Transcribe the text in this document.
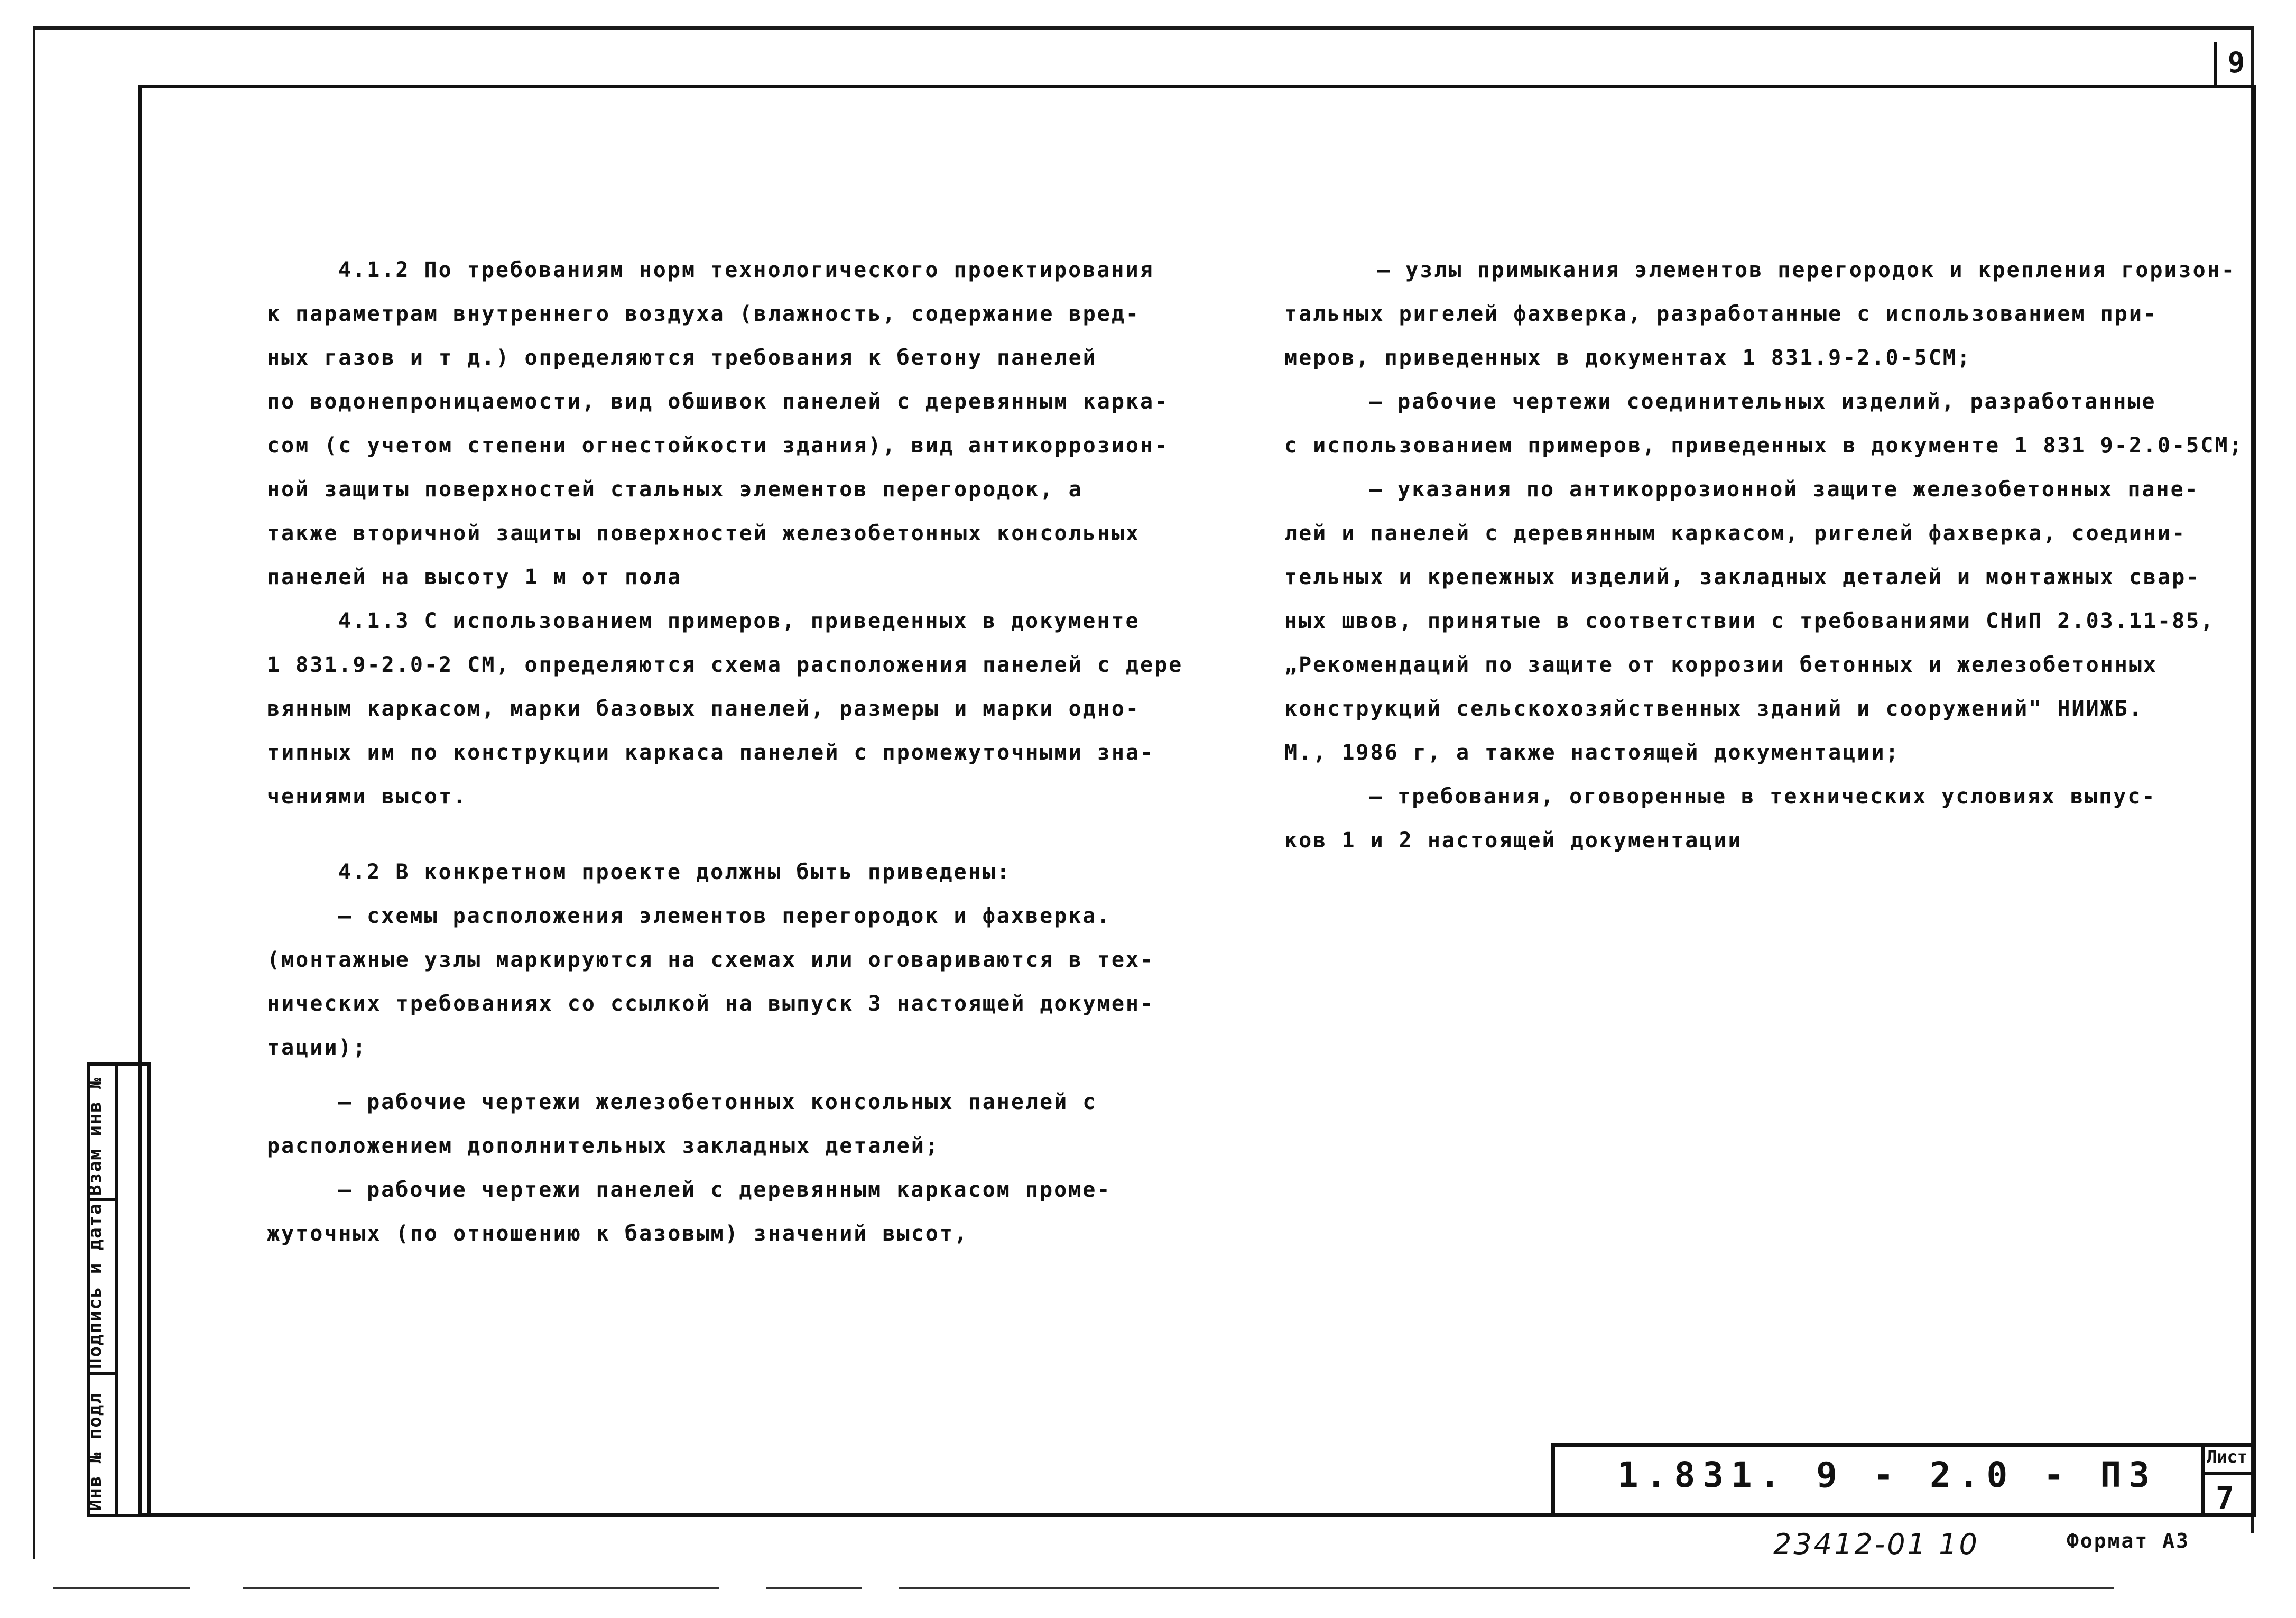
9
Взам инв №
Подпись и дата
Инв № подл
4.1.2 По требованиям норм технологического проектирования
к параметрам внутреннего воздуха (влажность, содержание вред-
ных газов и т д.) определяются требования к бетону панелей
по водонепроницаемости, вид обшивок панелей с деревянным карка-
сом (с учетом степени огнестойкости здания), вид антикоррозион-
ной защиты поверхностей стальных элементов перегородок, а
также вторичной защиты поверхностей железобетонных консольных
панелей на высоту 1 м от пола
4.1.3 С использованием примеров, приведенных в документе
1 831.9-2.0-2 СМ, определяются схема расположения панелей с дере
вянным каркасом, марки базовых панелей, размеры и марки одно-
типных им по конструкции каркаса панелей с промежуточными зна-
чениями высот.
4.2 В конкретном проекте должны быть приведены:
— схемы расположения элементов перегородок и фахверка.
(монтажные узлы маркируются на схемах или оговариваются в тех-
нических требованиях со ссылкой на выпуск 3 настоящей докумен-
тации);
— рабочие чертежи железобетонных консольных панелей с
расположением дополнительных закладных деталей;
— рабочие чертежи панелей с деревянным каркасом проме-
жуточных (по отношению к базовым) значений высот,
— узлы примыкания элементов перегородок и крепления горизон-
тальных ригелей фахверка, разработанные с использованием при-
меров, приведенных в документах 1 831.9-2.0-5СМ;
— рабочие чертежи соединительных изделий, разработанные
с использованием примеров, приведенных в документе 1 831 9-2.0-5СМ;
— указания по антикоррозионной защите железобетонных пане-
лей и панелей с деревянным каркасом, ригелей фахверка, соедини-
тельных и крепежных изделий, закладных деталей и монтажных свар-
ных швов, принятые в соответствии с требованиями СНиП 2.03.11-85,
„Рекомендаций по защите от коррозии бетонных и железобетонных
конструкций сельскохозяйственных зданий и сооружений" НИИЖБ.
М., 1986 г, а также настоящей документации;
— требования, оговоренные в технических условиях выпус-
ков 1 и 2 настоящей документации
1.831. 9 - 2.0 - ПЗ	Лист
7
23412-01 10	Формат А3
